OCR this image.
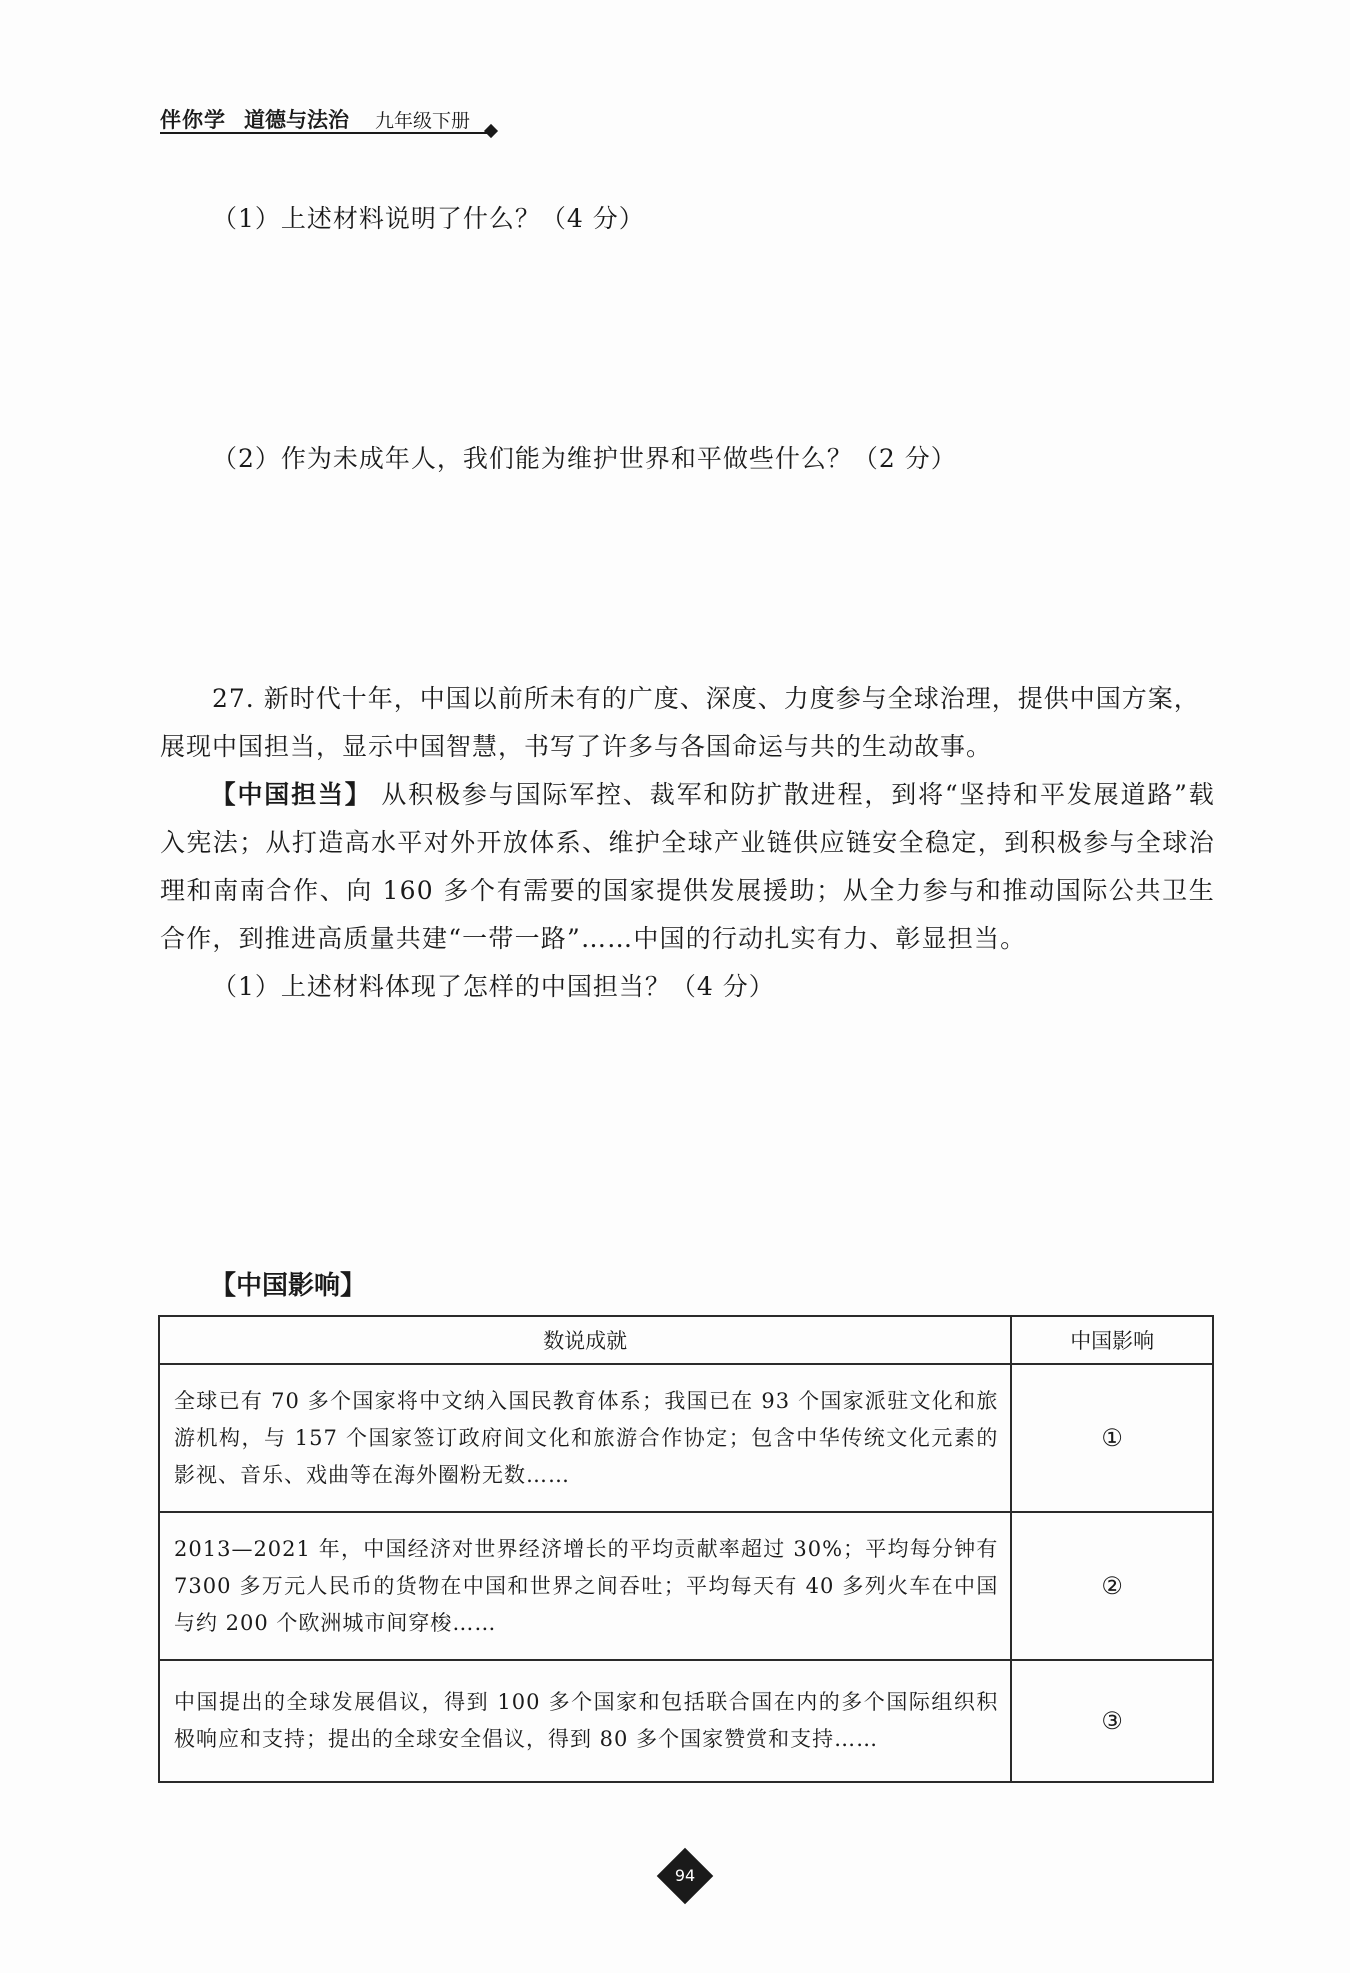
伴你学 道德与法治 九年级下册
（1）上述材料说明了什么？（4 分）
（2）作为未成年人，我们能为维护世界和平做些什么？（2 分）
27. 新时代十年，中国以前所未有的广度、深度、力度参与全球治理，提供中国方案，
展现中国担当，显示中国智慧，书写了许多与各国命运与共的生动故事。
【中国担当】 从积极参与国际军控、裁军和防扩散进程，到将“坚持和平发展道路”载入宪法；从打造高水平对外开放体系、维护全球产业链供应链安全稳定，到积极参与全球治理和南南合作、向 160 多个有需要的国家提供发展援助；从全力参与和推动国际公共卫生合作，到推进高质量共建“一带一路”……中国的行动扎实有力、彰显担当。
（1）上述材料体现了怎样的中国担当？（4 分）
【中国影响】
数说成就	中国影响

全球已有 70 多个国家将中文纳入国民教育体系；我国已在 93 个国家派驻文化和旅游机构，与 157 个国家签订政府间文化和旅游合作协定；包含中华传统文化元素的影视、音乐、戏曲等在海外圈粉无数……	①

2013—2021 年，中国经济对世界经济增长的平均贡献率超过 30%；平均每分钟有 7300 多万元人民币的货物在中国和世界之间吞吐；平均每天有 40 多列火车在中国与约 200 个欧洲城市间穿梭……	②

中国提出的全球发展倡议，得到 100 多个国家和包括联合国在内的多个国际组织积极响应和支持；提出的全球安全倡议，得到 80 多个国家赞赏和支持……	③
94
